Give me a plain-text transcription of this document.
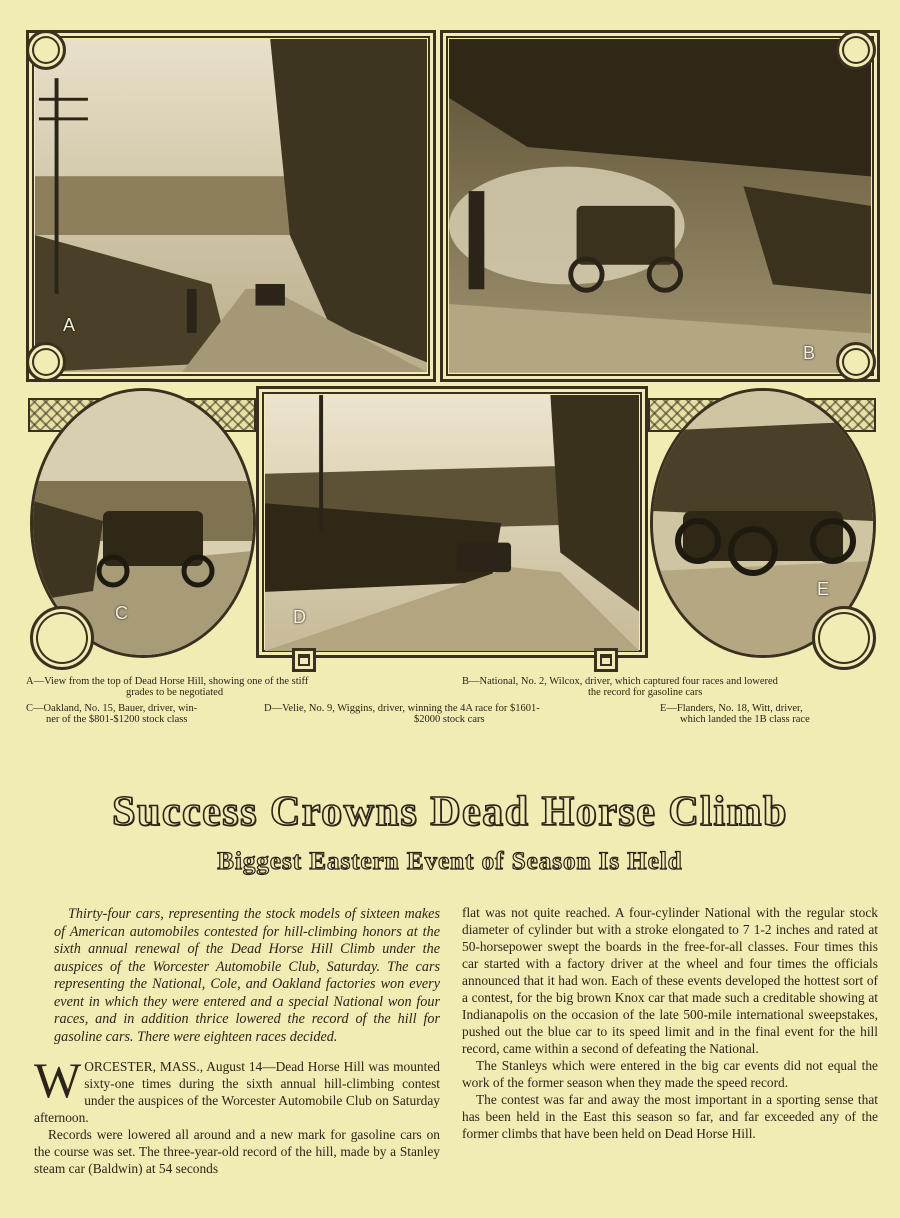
A
B
C	D
E
A—View from the top of Dead Horse Hill, showing one of the stiff
grades to be negotiated
B—National, No. 2, Wilcox, driver, which captured four races and lowered
the record for gasoline cars
C—Oakland, No. 15, Bauer, driver, win-
ner of the $801-$1200 stock class
D—Velie, No. 9, Wiggins, driver, winning the 4A race for $1601-
$2000 stock cars
E—Flanders, No. 18, Witt, driver,
which landed the 1B class race
Success Crowns Dead Horse Climb
Biggest Eastern Event of Season Is Held

Thirty-four cars, representing the stock models of sixteen makes of American automobiles contested for hill-climbing honors at the sixth annual renewal of the Dead Horse Hill Climb under the auspices of the Worcester Automobile Club, Saturday. The cars representing the National, Cole, and Oakland factories won every event in which they were entered and a special National won four races, and in addition thrice lowered the record of the hill for gasoline cars. There were eighteen races decided.

WORCESTER, MASS., August 14—Dead Horse Hill was mounted sixty-one times during the sixth annual hill-climbing contest under the auspices of the Worcester Automobile Club on Saturday afternoon.

Records were lowered all around and a new mark for gasoline cars on the course was set. The three-year-old record of the hill, made by a Stanley steam car (Baldwin) at 54 seconds

flat was not quite reached. A four-cylinder National with the regular stock diameter of cylinder but with a stroke elongated to 7 1-2 inches and rated at 50-horsepower swept the boards in the free-for-all classes. Four times this car started with a factory driver at the wheel and four times the officials announced that it had won. Each of these events developed the hottest sort of a contest, for the big brown Knox car that made such a creditable showing at Indianapolis on the occasion of the late 500-mile international sweepstakes, pushed out the blue car to its speed limit and in the final event for the hill record, came within a second of defeating the National.

The Stanleys which were entered in the big car events did not equal the work of the former season when they made the speed record.

The contest was far and away the most important in a sporting sense that has been held in the East this season so far, and far exceeded any of the former climbs that have been held on Dead Horse Hill.
